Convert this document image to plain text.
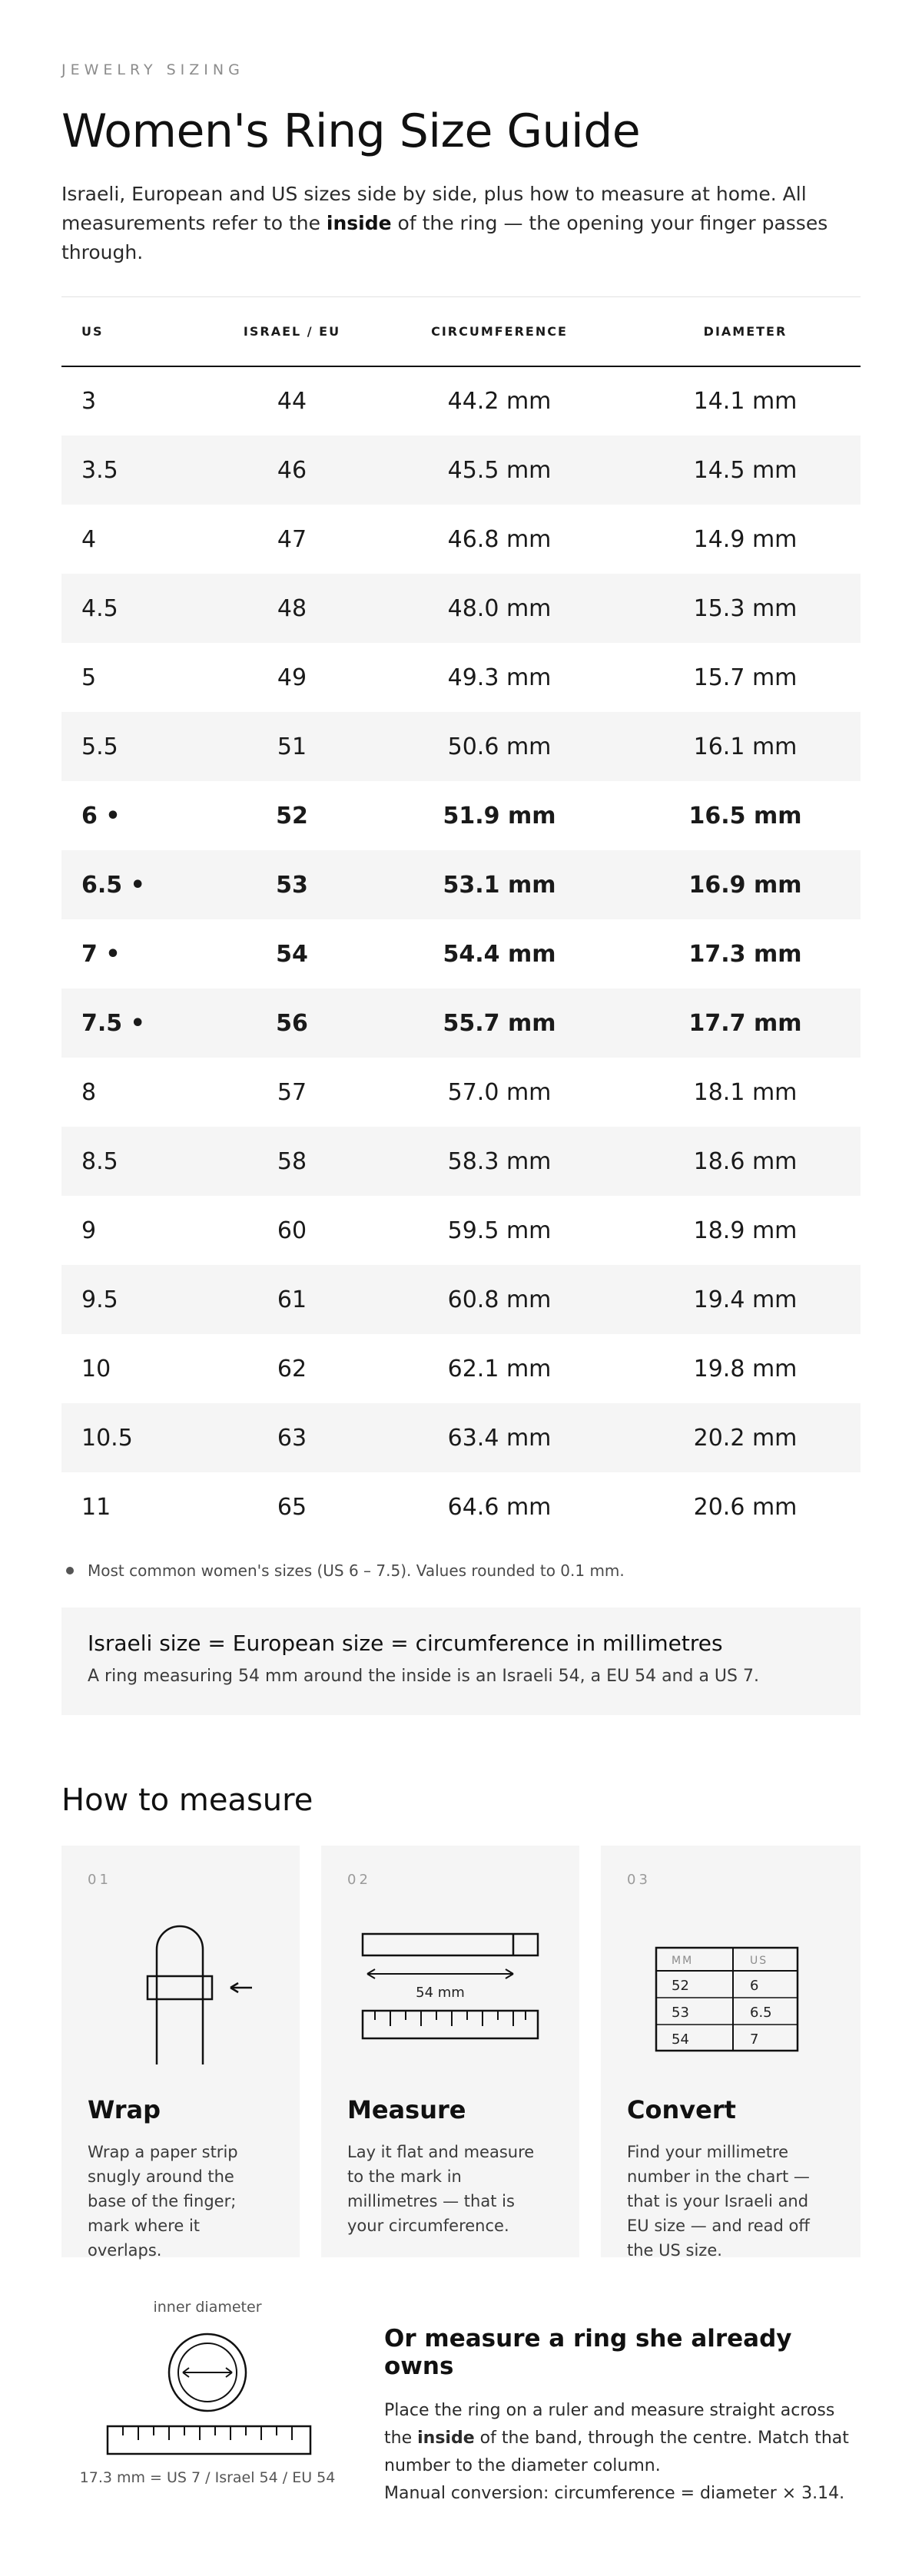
JEWELRY SIZING
Women's Ring Size Guide

Israeli, European and US sizes side by side, plus how to measure at home. All measurements refer to the inside of the ring — the opening your finger passes through.

US	ISRAEL / EU	CIRCUMFERENCE	DIAMETER
3	44	44.2 mm	14.1 mm
3.5	46	45.5 mm	14.5 mm
4	47	46.8 mm	14.9 mm
4.5	48	48.0 mm	15.3 mm
5	49	49.3 mm	15.7 mm
5.5	51	50.6 mm	16.1 mm
6 •	52	51.9 mm	16.5 mm
6.5 •	53	53.1 mm	16.9 mm
7 •	54	54.4 mm	17.3 mm
7.5 •	56	55.7 mm	17.7 mm
8	57	57.0 mm	18.1 mm
8.5	58	58.3 mm	18.6 mm
9	60	59.5 mm	18.9 mm
9.5	61	60.8 mm	19.4 mm
10	62	62.1 mm	19.8 mm
10.5	63	63.4 mm	20.2 mm
11	65	64.6 mm	20.6 mm
Most common women's sizes (US 6 – 7.5). Values rounded to 0.1 mm.
Israeli size = European size = circumference in millimetres
A ring measuring 54 mm around the inside is an Israeli 54, a EU 54 and a US 7.
How to measure
01
Wrap
Wrap a paper strip snugly around the base of the finger; mark where it overlaps.
02
54 mm
Measure
Lay it flat and measure to the mark in millimetres — that is your circumference.
03
MM	US
52	6
53	6.5
54	7
Convert
Find your millimetre number in the chart — that is your Israeli and EU size — and read off the US size.
inner diameter
17.3 mm = US 7 / Israel 54 / EU 54
Or measure a ring she already owns
Place the ring on a ruler and measure straight across the inside of the band, through the centre. Match that number to the diameter column.
Manual conversion: circumference = diameter × 3.14.
